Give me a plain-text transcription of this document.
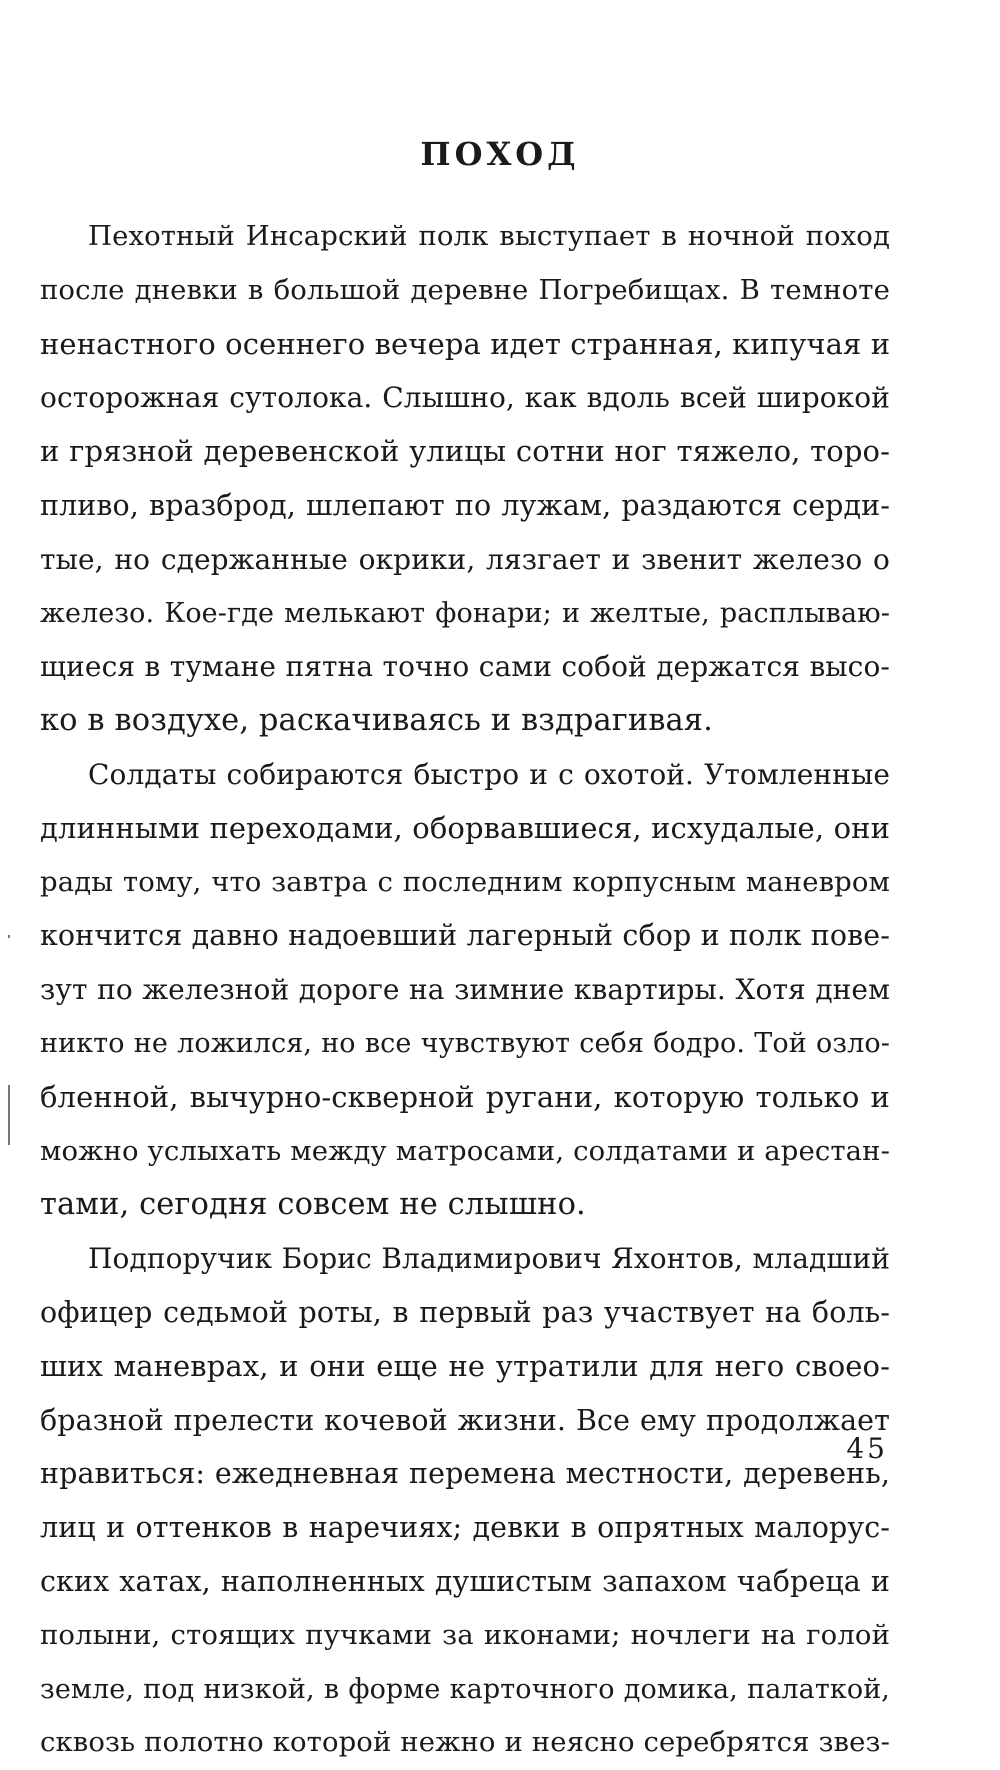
поход
Пехотный Инсарский полк выступает в ночной поход
после дневки в большой деревне Погребищах. В темноте
ненастного осеннего вечера идет странная, кипучая и
осторожная сутолока. Слышно, как вдоль всей широкой
и грязной деревенской улицы сотни ног тяжело, торо-
пливо, вразброд, шлепают по лужам, раздаются серди-
тые, но сдержанные окрики, лязгает и звенит железо о
железо. Кое-где мелькают фонари; и желтые, расплываю-
щиеся в тумане пятна точно сами собой держатся высо-
ко в воздухе, раскачиваясь и вздрагивая.
Солдаты собираются быстро и с охотой. Утомленные
длинными переходами, оборвавшиеся, исхудалые, они
рады тому, что завтра с последним корпусным маневром
кончится давно надоевший лагерный сбор и полк пове-
зут по железной дороге на зимние квартиры. Хотя днем
никто не ложился, но все чувствуют себя бодро. Той озло-
бленной, вычурно-скверной ругани, которую только и
можно услыхать между матросами, солдатами и арестан-
тами, сегодня совсем не слышно.
Подпоручик Борис Владимирович Яхонтов, младший
офицер седьмой роты, в первый раз участвует на боль-
ших маневрах, и они еще не утратили для него своео-
бразной прелести кочевой жизни. Все ему продолжает
нравиться: ежедневная перемена местности, деревень,
лиц и оттенков в наречиях; девки в опрятных малорус-
ских хатах, наполненных душистым запахом чабреца и
полыни, стоящих пучками за иконами; ночлеги на голой
земле, под низкой, в форме карточного домика, палаткой,
сквозь полотно которой нежно и неясно серебрятся звез-
45
